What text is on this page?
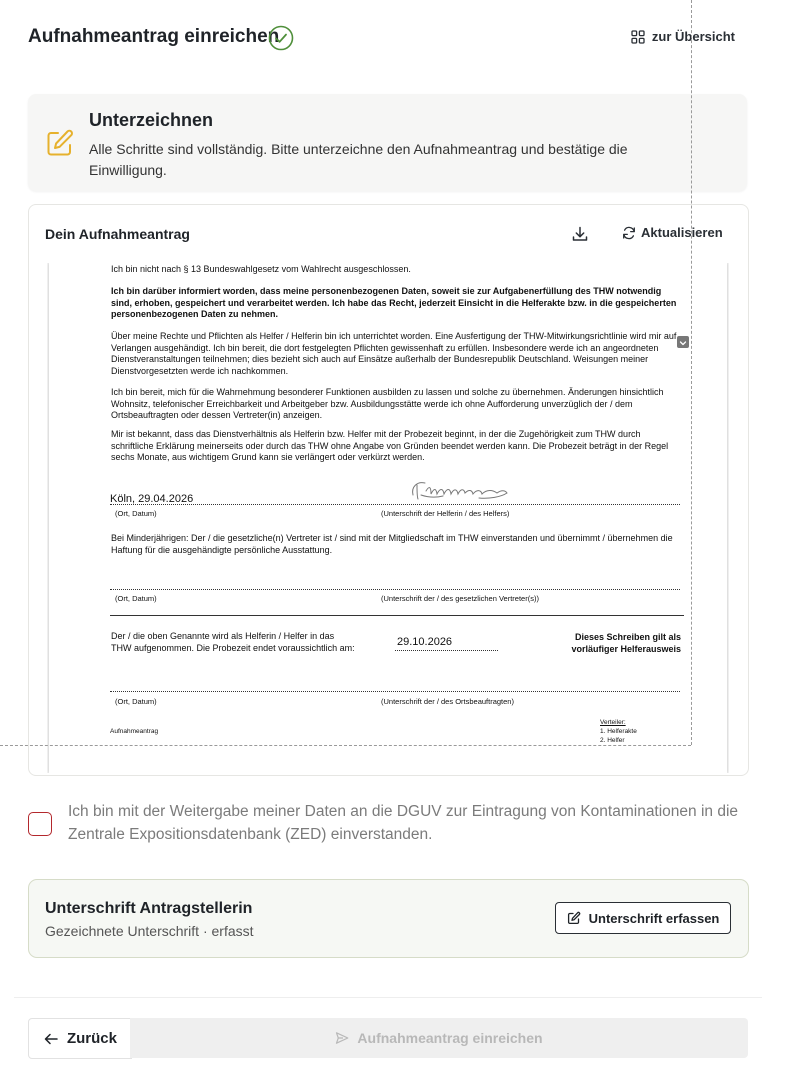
Aufnahmeantrag einreichen	zur Übersicht
Unterzeichnen
Alle Schritte sind vollständig. Bitte unterzeichne den Aufnahmeantrag und bestätige die Einwilligung.
Dein Aufnahmeantrag	Aktualisieren
Ich bin nicht nach § 13 Bundeswahlgesetz vom Wahlrecht ausgeschlossen.
Ich bin darüber informiert worden, dass meine personenbezogenen Daten, soweit sie zur Aufgabenerfüllung des THW notwendig sind, erhoben, gespeichert und verarbeitet werden. Ich habe das Recht, jederzeit Einsicht in die Helferakte bzw. in die gespeicherten personenbezogenen Daten zu nehmen.
Über meine Rechte und Pflichten als Helfer / Helferin bin ich unterrichtet worden. Eine Ausfertigung der THW-Mitwirkungsrichtlinie wird mir auf Verlangen ausgehändigt. Ich bin bereit, die dort festgelegten Pflichten gewissenhaft zu erfüllen. Insbesondere werde ich an angeordneten Dienstveranstaltungen teilnehmen; dies bezieht sich auch auf Einsätze außerhalb der Bundesrepublik Deutschland. Weisungen meiner Dienstvorgesetzten werde ich nachkommen.
Ich bin bereit, mich für die Wahrnehmung besonderer Funktionen ausbilden zu lassen und solche zu übernehmen. Änderungen hinsichtlich Wohnsitz, telefonischer Erreichbarkeit und Arbeitgeber bzw. Ausbildungsstätte werde ich ohne Aufforderung unverzüglich der / dem Ortsbeauftragten oder dessen Vertreter(in) anzeigen.
Mir ist bekannt, dass das Dienstverhältnis als Helferin bzw. Helfer mit der Probezeit beginnt, in der die Zugehörigkeit zum THW durch schriftliche Erklärung meinerseits oder durch das THW ohne Angabe von Gründen beendet werden kann. Die Probezeit beträgt in der Regel sechs Monate, aus wichtigem Grund kann sie verlängert oder verkürzt werden.
Köln, 29.04.2026
(Ort, Datum)	(Unterschrift der Helferin / des Helfers)
Bei Minderjährigen: Der / die gesetzliche(n) Vertreter ist / sind mit der Mitgliedschaft im THW einverstanden und übernimmt / übernehmen die Haftung für die ausgehändigte persönliche Ausstattung.
(Ort, Datum)	(Unterschrift der / des gesetzlichen Vertreter(s))
Der / die oben Genannte wird als Helferin / Helfer in das
THW aufgenommen. Die Probezeit endet voraussichtlich am:	29.10.2026	Dieses Schreiben gilt als
vorläufiger Helferausweis
(Ort, Datum)	(Unterschrift der / des Ortsbeauftragten)
Aufnahmeantrag
Verteiler:
1. Helferakte
2. Helfer
Ich bin mit der Weitergabe meiner Daten an die DGUV zur Eintragung von Kontaminationen in die Zentrale Expositionsdatenbank (ZED) einverstanden.
Unterschrift Antragstellerin
Gezeichnete Unterschrift · erfasst
Unterschrift erfassen
Zurück	Aufnahmeantrag einreichen
